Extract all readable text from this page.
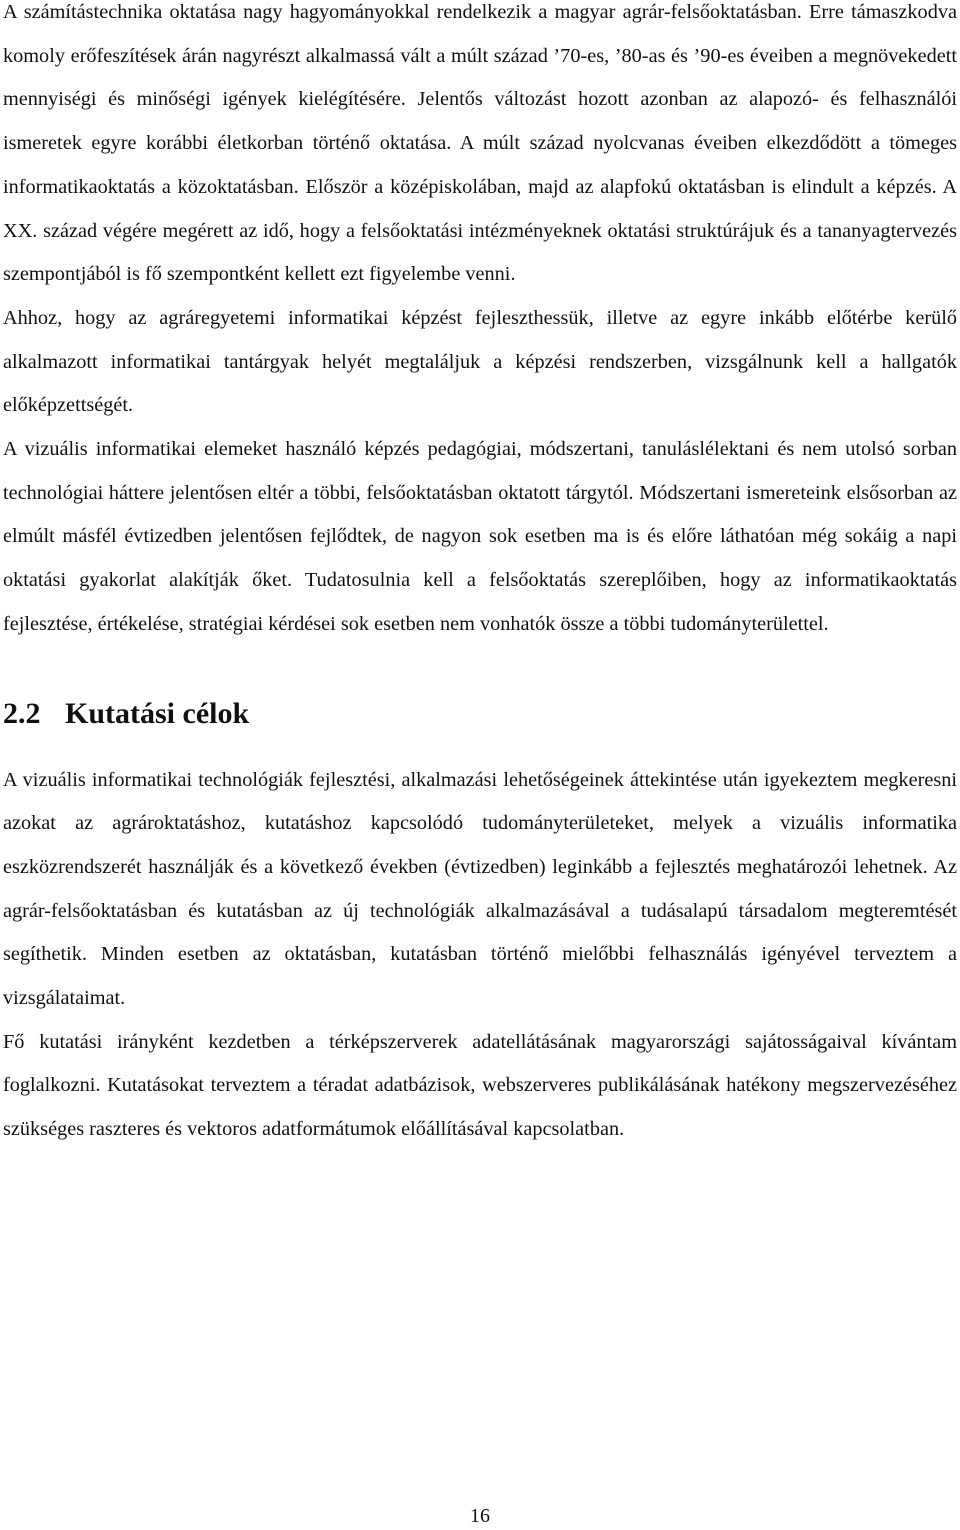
A számítástechnika oktatása nagy hagyományokkal rendelkezik a magyar agrár-felsőoktatásban. Erre támaszkodva komoly erőfeszítések árán nagyrészt alkalmassá vált a múlt század ’70-es, ’80-as és ’90-es éveiben a megnövekedett mennyiségi és minőségi igények kielégítésére. Jelentős változást hozott azonban az alapozó- és felhasználói ismeretek egyre korábbi életkorban történő oktatása. A múlt század nyolcvanas éveiben elkezdődött a tömeges informatikaoktatás a közoktatásban. Először a középiskolában, majd az alapfokú oktatásban is elindult a képzés. A XX. század végére megérett az idő, hogy a felsőoktatási intézményeknek oktatási struktúrájuk és a tananyagtervezés szempontjából is fő szempontként kellett ezt figyelembe venni.

Ahhoz, hogy az agráregyetemi informatikai képzést fejleszthessük, illetve az egyre inkább előtérbe kerülő alkalmazott informatikai tantárgyak helyét megtaláljuk a képzési rendszerben, vizsgálnunk kell a hallgatók előképzettségét.

A vizuális informatikai elemeket használó képzés pedagógiai, módszertani, tanuláslélektani és nem utolsó sorban technológiai háttere jelentősen eltér a többi, felsőoktatásban oktatott tárgytól. Módszertani ismereteink elsősorban az elmúlt másfél évtizedben jelentősen fejlődtek, de nagyon sok esetben ma is és előre láthatóan még sokáig a napi oktatási gyakorlat alakítják őket. Tudatosulnia kell a felsőoktatás szereplőiben, hogy az informatikaoktatás fejlesztése, értékelése, stratégiai kérdései sok esetben nem vonhatók össze a többi tudományterülettel.

2.2 Kutatási célok

A vizuális informatikai technológiák fejlesztési, alkalmazási lehetőségeinek áttekintése után igyekeztem megkeresni azokat az agrároktatáshoz, kutatáshoz kapcsolódó tudományterületeket, melyek a vizuális informatika eszközrendszerét használják és a következő években (évtizedben) leginkább a fejlesztés meghatározói lehetnek. Az agrár-felsőoktatásban és kutatásban az új technológiák alkalmazásával a tudásalapú társadalom megteremtését segíthetik. Minden esetben az oktatásban, kutatásban történő mielőbbi felhasználás igényével terveztem a vizsgálataimat.

Fő kutatási irányként kezdetben a térképszerverek adatellátásának magyarországi sajátosságaival kívántam foglalkozni. Kutatásokat terveztem a téradat adatbázisok, webszerveres publikálásának hatékony megszervezéséhez szükséges raszteres és vektoros adatformátumok előállításával kapcsolatban.

16
